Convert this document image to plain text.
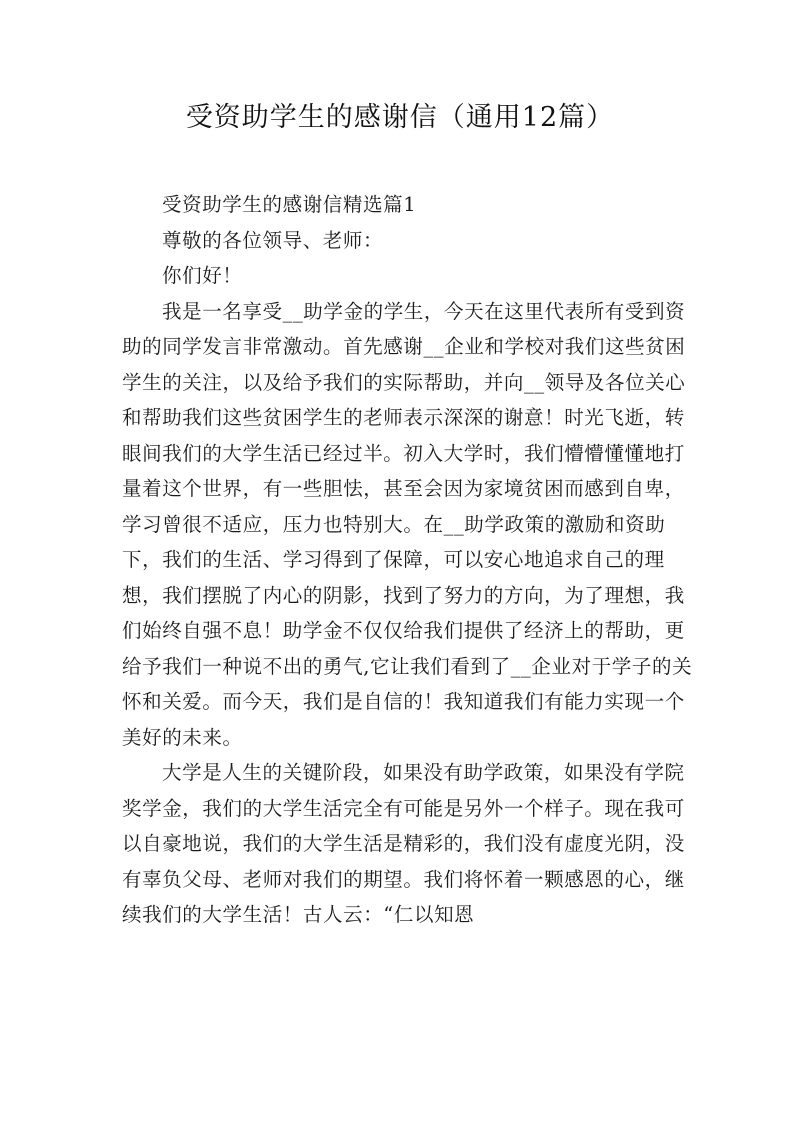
受资助学生的感谢信（通用12篇）

受资助学生的感谢信精选篇1

尊敬的各位领导、老师：

你们好！

我是一名享受__助学金的学生，今天在这里代表所有受到资助的同学发言非常激动。首先感谢__企业和学校对我们这些贫困学生的关注，以及给予我们的实际帮助，并向__领导及各位关心和帮助我们这些贫困学生的老师表示深深的谢意！时光飞逝，转眼间我们的大学生活已经过半。初入大学时，我们懵懵懂懂地打量着这个世界，有一些胆怯，甚至会因为家境贫困而感到自卑，学习曾很不适应，压力也特别大。在__助学政策的激励和资助下，我们的生活、学习得到了保障，可以安心地追求自己的理想，我们摆脱了内心的阴影，找到了努力的方向，为了理想，我们始终自强不息！助学金不仅仅给我们提供了经济上的帮助，更给予我们一种说不出的勇气,它让我们看到了__企业对于学子的关怀和关爱。而今天，我们是自信的！我知道我们有能力实现一个美好的未来。

大学是人生的关键阶段，如果没有助学政策，如果没有学院奖学金，我们的大学生活完全有可能是另外一个样子。现在我可以自豪地说，我们的大学生活是精彩的，我们没有虚度光阴，没有辜负父母、老师对我们的期望。我们将怀着一颗感恩的心，继续我们的大学生活！古人云：“仁以知恩
